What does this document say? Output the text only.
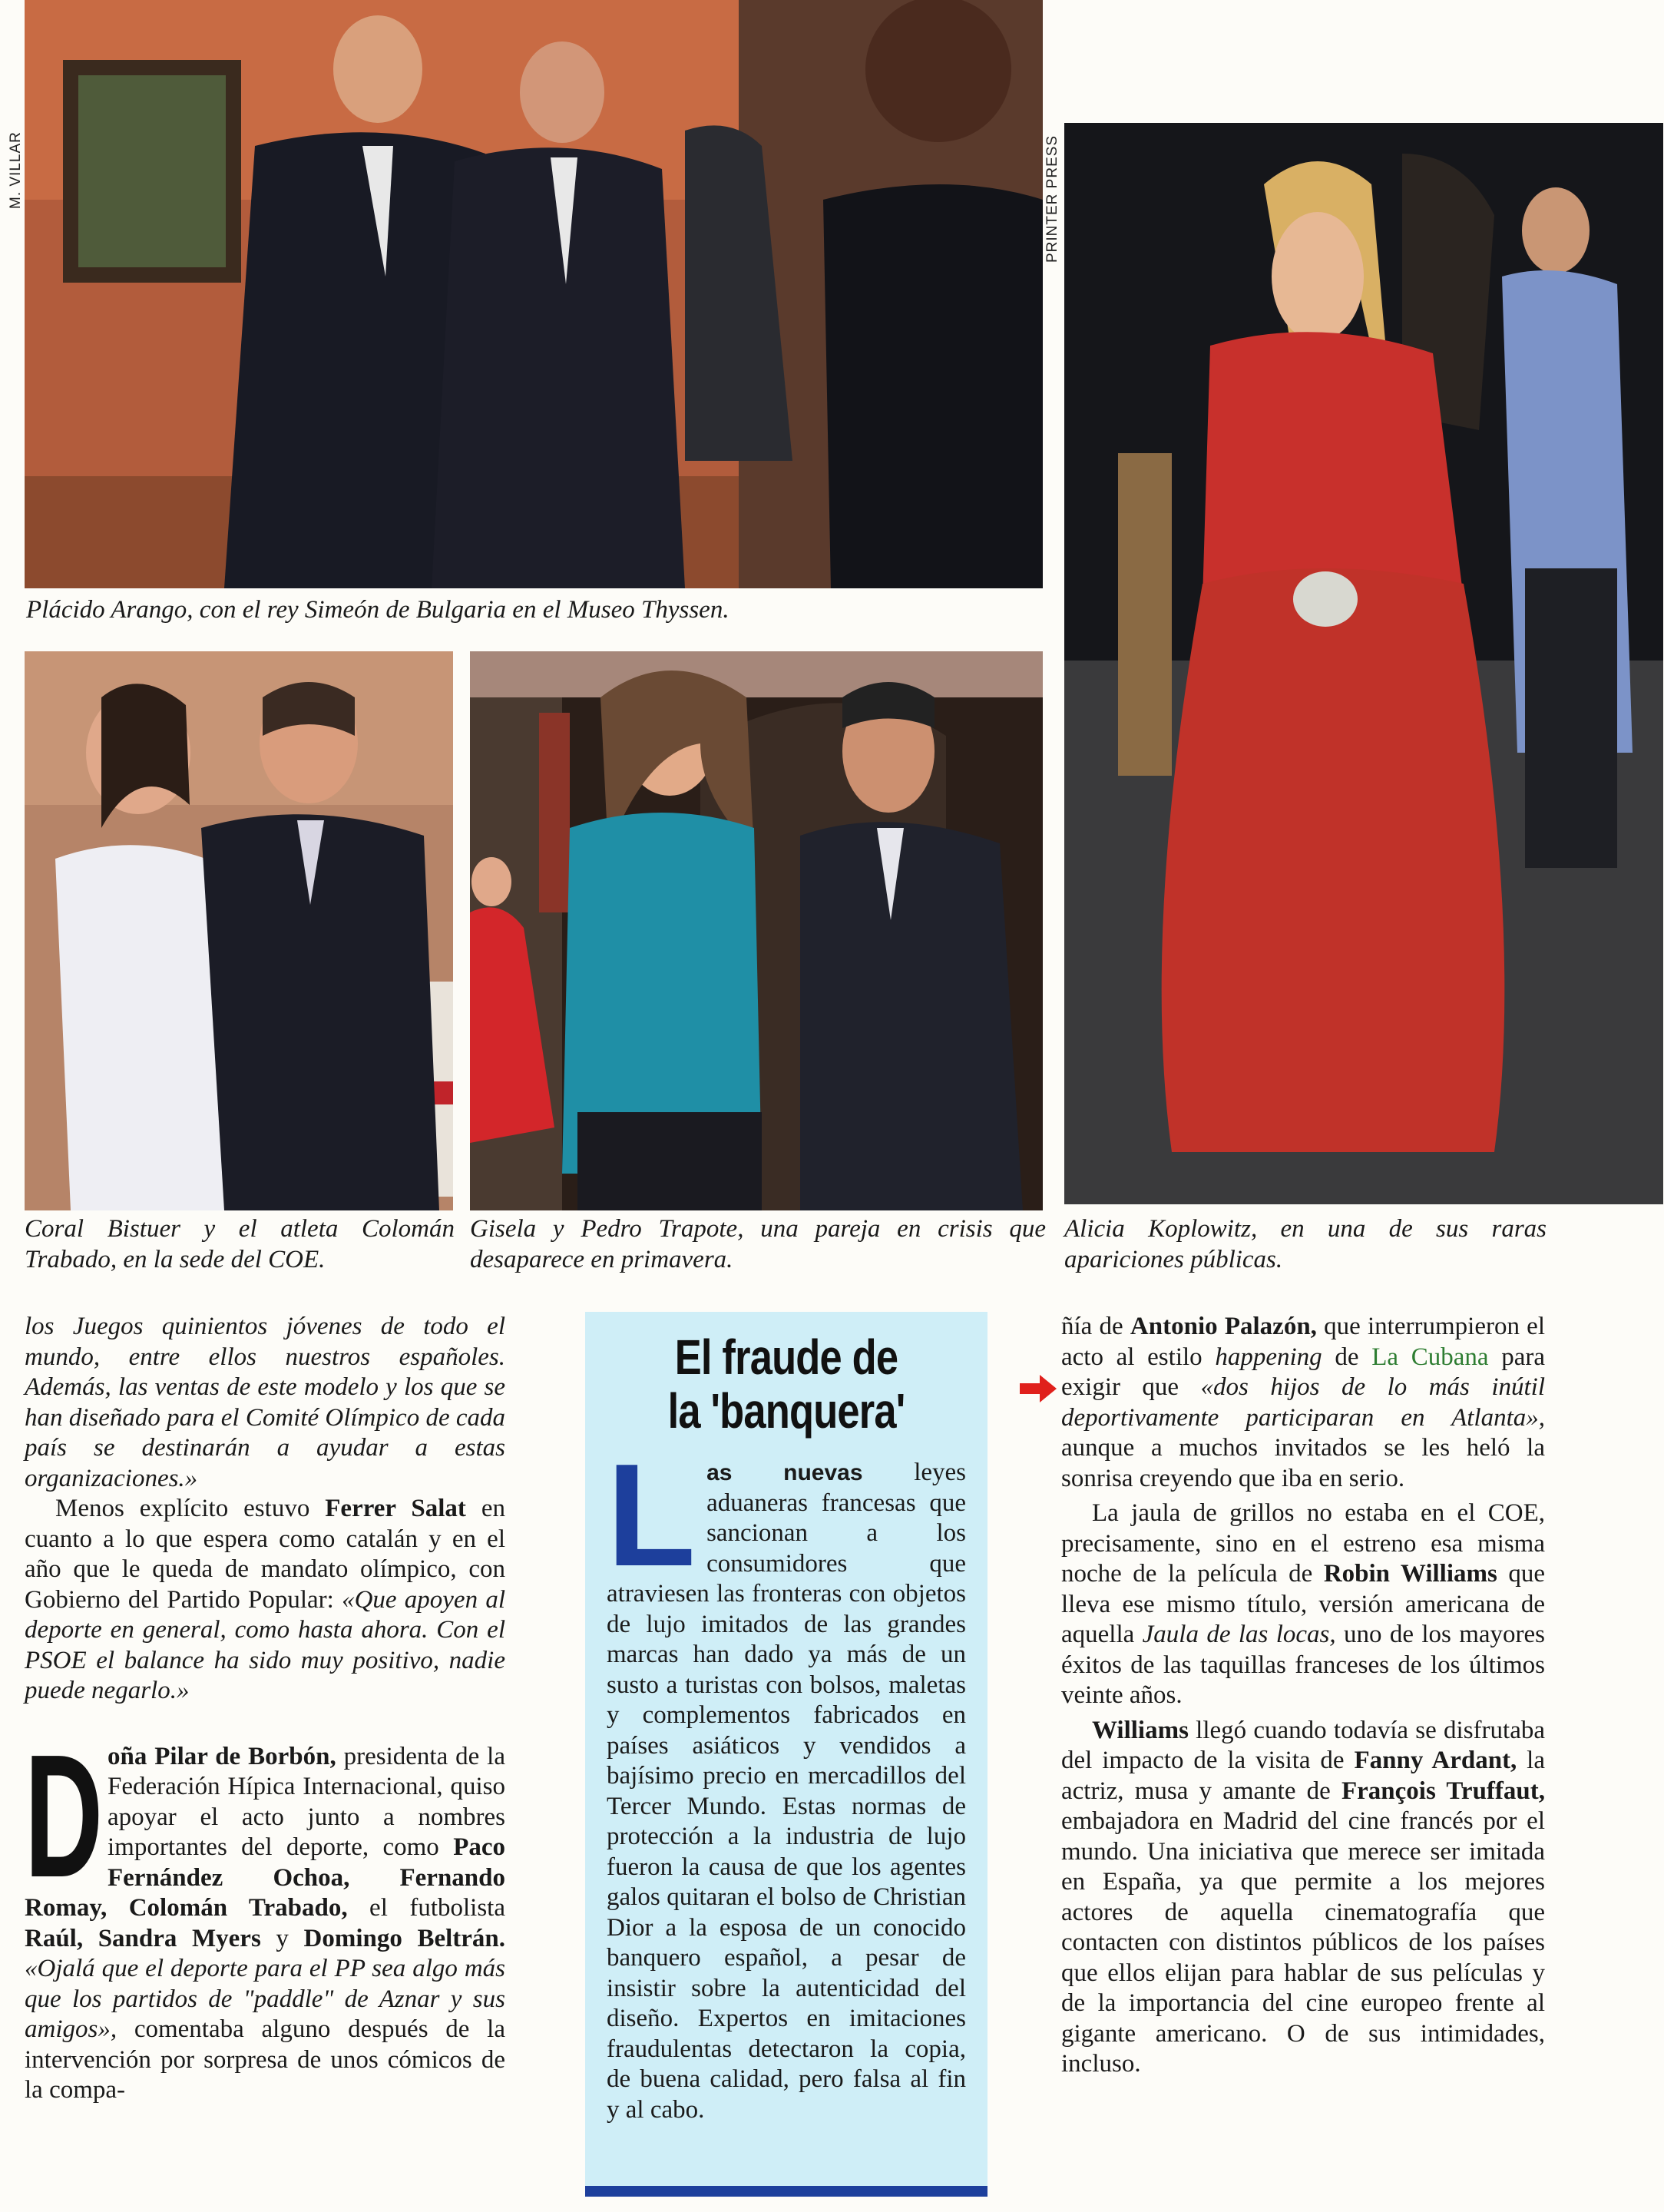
M. VILLAR	PRINTER PRESS
Plácido Arango, con el rey Simeón de Bulgaria en el Museo Thyssen.
Coral Bistuer y el atleta Colomán Trabado, en la sede del COE.
Gisela y Pedro Trapote, una pareja en crisis que desaparece en primavera.
Alicia Koplowitz, en una de sus raras apariciones públicas.

los Juegos quinientos jóvenes de todo el mundo, entre ellos nuestros españoles. Además, las ventas de este modelo y los que se han diseñado para el Comité Olímpico de cada país se destinarán a ayudar a estas organizaciones.»

Menos explícito estuvo Ferrer Salat en cuanto a lo que espera como catalán y en el año que le queda de mandato olímpico, con Gobierno del Partido Popular: «Que apoyen al deporte en general, como hasta ahora. Con el PSOE el balance ha sido muy positivo, nadie puede negarlo.»

D oña Pilar de Borbón, presidenta de la Federación Hípica Internacional, quiso apoyar el acto junto a nombres importantes del deporte, como Paco Fernández Ochoa, Fernando Romay, Colomán Trabado, el futbolista Raúl, Sandra Myers y Domingo Beltrán. «Ojalá que el deporte para el PP sea algo más que los partidos de "paddle" de Aznar y sus amigos», comentaba alguno después de la intervención por sorpresa de unos cómicos de la compa-

El fraude de
la 'banquera'
L as nuevas leyes aduaneras francesas que sancionan a los consumidores que atraviesen las fronteras con objetos de lujo imitados de las grandes marcas han dado ya más de un susto a turistas con bolsos, maletas y complementos fabricados en países asiáticos y vendidos a bajísimo precio en mercadillos del Tercer Mundo. Estas normas de protección a la industria de lujo fueron la causa de que los agentes galos quitaran el bolso de Christian Dior a la esposa de un conocido banquero español, a pesar de insistir sobre la autenticidad del diseño. Expertos en imitaciones fraudulentas detectaron la copia, de buena calidad, pero falsa al fin y al cabo.

ñía de Antonio Palazón, que interrumpieron el acto al estilo happening de La Cubana para exigir que «dos hijos de lo más inútil deportivamente participaran en Atlanta», aunque a muchos invitados se les heló la sonrisa creyendo que iba en serio.

La jaula de grillos no estaba en el COE, precisamente, sino en el estreno esa misma noche de la película de Robin Williams que lleva ese mismo título, versión americana de aquella Jaula de las locas, uno de los mayores éxitos de las taquillas franceses de los últimos veinte años.

Williams llegó cuando todavía se disfrutaba del impacto de la visita de Fanny Ardant, la actriz, musa y amante de François Truffaut, embajadora en Madrid del cine francés por el mundo. Una iniciativa que merece ser imitada en España, ya que permite a los mejores actores de aquella cinematografía que contacten con distintos públicos de los países que ellos elijan para hablar de sus películas y de la importancia del cine europeo frente al gigante americano. O de sus intimidades, incluso.
